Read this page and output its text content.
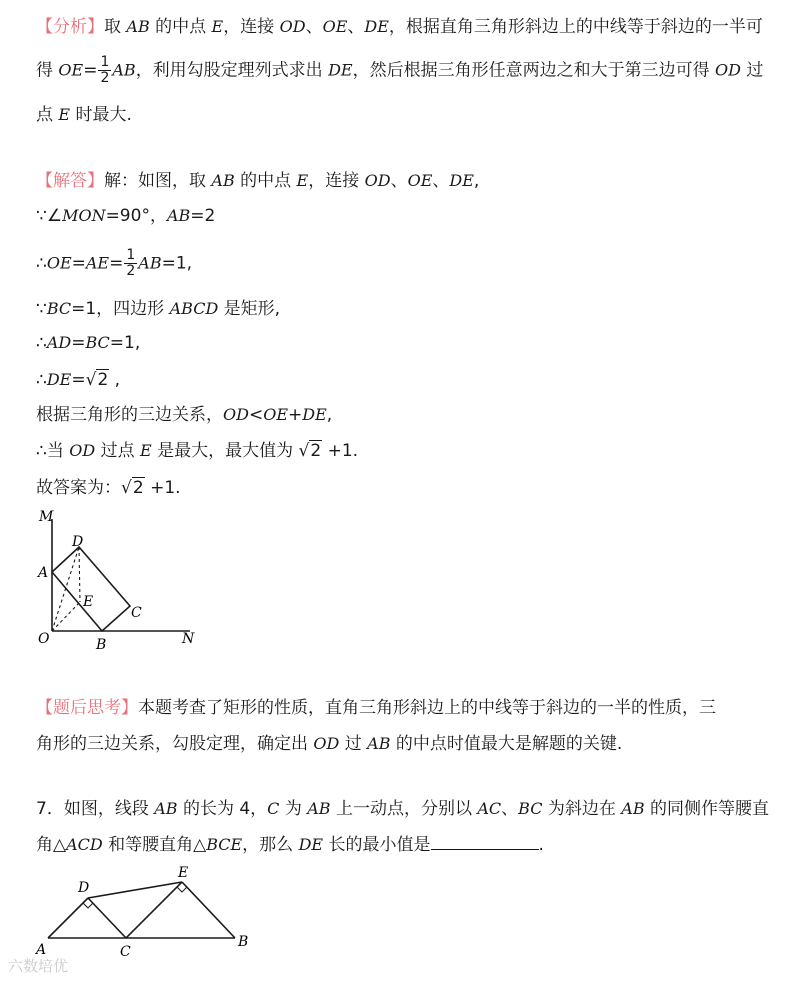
【分析】取 AB 的中点 E，连接 OD、OE、DE，根据直角三角形斜边上的中线等于斜边的一半可
得 $OE= \frac{1}{2}$ AB，利用勾股定理列式求出 DE，然后根据三角形任意两边之和大于第三边可得 OD 过
点 E 时最大.
【解答】解：如图，取 AB 的中点 E，连接 OD、OE、DE,
∵∠MON=90°，AB=2
∴OE=AE= $\frac{1}{2} AB=1$,
∵BC=1，四边形 ABCD 是矩形,
∴AD=BC=1,
∴DE=√2 ,
根据三角形的三边关系，OD<OE+DE,
∴当 OD 过点 E 是最大，最大值为 √2 +1.
故答案为：√2 +1.
M
D
A
E
C
O	B	N
【题后思考】本题考查了矩形的性质，直角三角形斜边上的中线等于斜边的一半的性质，三
角形的三边关系，勾股定理，确定出 OD 过 AB 的中点时值最大是解题的关键.
7．如图，线段 AB 的长为 4，C 为 AB 上一动点，分别以 AC、BC 为斜边在 AB 的同侧作等腰直
角△ACD 和等腰直角△BCE，那么 DE 长的最小值是	.
D
E
A	C
B
六数培优
